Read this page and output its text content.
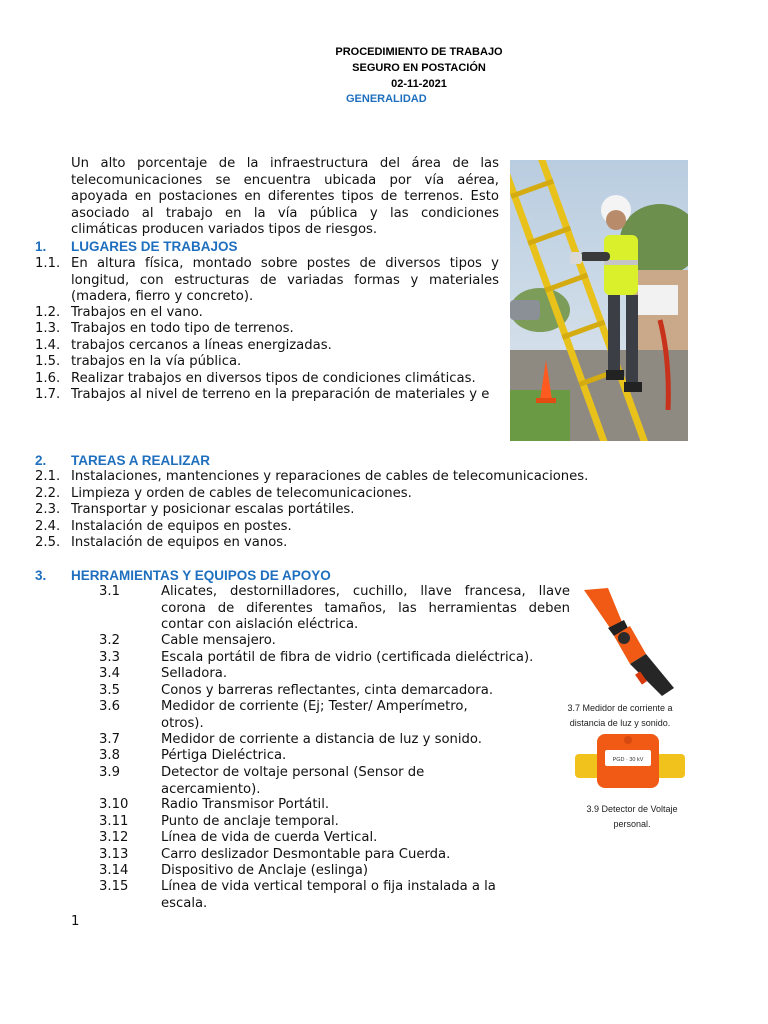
PROCEDIMIENTO DE TRABAJO
SEGURO EN POSTACIÓN
02-11-2021
GENERALIDAD
Un alto porcentaje de la infraestructura del área de las
telecomunicaciones se encuentra ubicada por vía aérea,
apoyada en postaciones en diferentes tipos de terrenos. Esto
asociado al trabajo en la vía pública y las condiciones
climáticas producen variados tipos de riesgos.
1. LUGARES DE TRABAJOS
1.1. En altura física, montado sobre postes de diversos tipos y
longitud, con estructuras de variadas formas y materiales
(madera, fierro y concreto).
1.2. Trabajos en el vano.
1.3. Trabajos en todo tipo de terrenos.
1.4. trabajos cercanos a líneas energizadas.
1.5. trabajos en la vía pública.
1.6. Realizar trabajos en diversos tipos de condiciones climáticas.
1.7. Trabajos al nivel de terreno en la preparación de materiales y e
2. TAREAS A REALIZAR
2.1. Instalaciones, mantenciones y reparaciones de cables de telecomunicaciones.
2.2. Limpieza y orden de cables de telecomunicaciones.
2.3. Transportar y posicionar escalas portátiles.
2.4. Instalación de equipos en postes.
2.5. Instalación de equipos en vanos.
3. HERRAMIENTAS Y EQUIPOS DE APOYO
3.1	Alicates, destornilladores, cuchillo, llave francesa, llave
corona de diferentes tamaños, las herramientas deben
contar con aislación eléctrica.
3.2	Cable mensajero.
3.3	Escala portátil de fibra de vidrio (certificada dieléctrica).
3.4	Selladora.
3.5	Conos y barreras reflectantes, cinta demarcadora.
3.6	Medidor de corriente (Ej; Tester/ Amperímetro,
otros).
3.7	Medidor de corriente a distancia de luz y sonido.
3.8	Pértiga Dieléctrica.
3.9	Detector de voltaje personal (Sensor de
acercamiento).
3.10 Radio Transmisor Portátil.
3.11 Punto de anclaje temporal.
3.12 Línea de vida de cuerda Vertical.
3.13 Carro deslizador Desmontable para Cuerda.
3.14 Dispositivo de Anclaje (eslinga)
3.15 Línea de vida vertical temporal o fija instalada a la
escala.
3.7 Medidor de corriente a
distancia de luz y sonido.
PGD · 30 kV
3.9 Detector de Voltaje
personal.
1
